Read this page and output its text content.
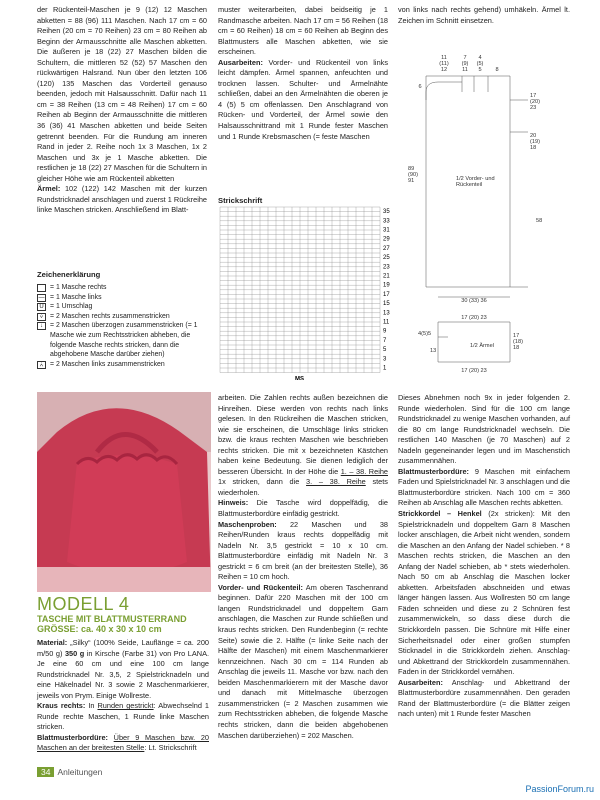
der Rückenteil-Maschen je 9 (12) 12 Maschen abketten = 88 (96) 111 Maschen. Nach 17 cm = 60 Reihen (20 cm = 70 Reihen) 23 cm = 80 Reihen ab Beginn der Armausschnitte alle Maschen abketten. Die äußeren je 18 (22) 27 Maschen bilden die Schultern, die mittleren 52 (52) 57 Maschen den rückwärtigen Halsrand. Nun über den letzten 106 (120) 135 Maschen das Vorderteil genauso beenden, jedoch mit Halsausschnitt. Dafür nach 11 cm = 38 Reihen (13 cm = 48 Reihen) 17 cm = 60 Reihen ab Beginn der Armausschnitte die mittleren 36 (36) 41 Maschen abketten und beide Seiten getrennt beenden. Für die Rundung am inneren Rand in jeder 2. Reihe noch 1x 3 Maschen, 1x 2 Maschen und 3x je 1 Masche abketten. Die restlichen je 18 (22) 27 Maschen für die Schultern in gleicher Höhe wie am Rückenteil abketten
Ärmel: 102 (122) 142 Maschen mit der kurzen Rundstricknadel anschlagen und zuerst 1 Rückreihe linke Maschen stricken. Anschließend im Blatt-
muster weiterarbeiten, dabei beidseitig je 1 Randmasche arbeiten. Nach 17 cm = 56 Reihen (18 cm = 60 Reihen) 18 cm = 60 Reihen ab Beginn des Blattmusters alle Maschen abketten, wie sie erscheinen.
Ausarbeiten: Vorder- und Rückenteil von links leicht dämpfen. Ärmel spannen, anfeuchten und trocknen lassen. Schulter- und Ärmelnähte schließen, dabei an den Ärmelnähten die oberen je 4 (5) 5 cm offenlassen. Den Anschlagrand von Rücken- und Vorderteil, der Ärmel sowie den Halsausschnittrand mit 1 Runde fester Maschen und 1 Runde Krebsmaschen (= feste Maschen
von links nach rechts gehend) umhäkeln. Ärmel lt. Zeichen im Schnitt einsetzen.
11
(11)
12
7
(9)
11
4
(5)
5 8
6
17
(20)
23
20
(19)
18
89
(90)
91	1/2 Vorder- und
Rückenteil
58
30 (33) 36
17 (20) 23
4(5)5
13
1/2 Ärmel
17
(18)
18
17 (20) 23
Strickschrift
35
33
31
29
27
25
23
21
19
17
15
13
11
9
7
5
3
1
MS
Zeichenerklärung
= 1 Masche rechts
— = 1 Masche links
U = 1 Umschlag
⩒ = 2 Maschen rechts zusammenstricken
↓	= 2 Maschen überzogen zusammenstricken (= 1 Masche wie zum Rechtsstricken abheben, die folgende Masche rechts stricken, dann die abgehobene Masche darüber ziehen)
⩑ = 2 Maschen links zusammenstricken
MODELL 4
TASCHE MIT BLATTMUSTERRAND
GRÖSSE: ca. 40 x 30 x 10 cm
Material: „Silky“ (100% Seide, Lauflänge = ca. 200 m/50 g) 350 g in Kirsche (Farbe 31) von Pro LANA. Je eine 60 cm und eine 100 cm lange Rundstricknadel Nr. 3,5, 2 Spielstricknadeln und eine Häkelnadel Nr. 3 sowie 2 Maschenmarkierer, jeweils von Prym. Einige Wollreste.
Kraus rechts: In Runden gestrickt: Abwechselnd 1 Runde rechte Maschen, 1 Runde linke Maschen stricken.
Blattmusterbordüre: Über 9 Maschen bzw. 20 Maschen an der breitesten Stelle: Lt. Strickschrift
arbeiten. Die Zahlen rechts außen bezeichnen die Hinreihen. Diese werden von rechts nach links gelesen. In den Rückreihen die Maschen stricken, wie sie erscheinen, die Umschläge links stricken bzw. die kraus rechten Maschen wie beschrieben rechts stricken. Die mit x bezeichneten Kästchen haben keine Bedeutung. Sie dienen lediglich der besseren Übersicht. In der Höhe die 1. – 38. Reihe 1x stricken, dann die 3. – 38. Reihe stets wiederholen.
Hinweis: Die Tasche wird doppelfädig, die Blattmusterbordüre einfädig gestrickt.
Maschenproben: 22 Maschen und 38 Reihen/Runden kraus rechts doppelfädig mit Nadeln Nr. 3,5 gestrickt = 10 x 10 cm. Blattmusterbordüre einfädig mit Nadeln Nr. 3 gestrickt = 6 cm breit (an der breitesten Stelle), 36 Reihen = 10 cm hoch.
Vorder- und Rückenteil: Am oberen Taschenrand beginnen. Dafür 220 Maschen mit der 100 cm langen Rundstricknadel und doppeltem Garn anschlagen, die Maschen zur Runde schließen und kraus rechts stricken. Den Rundenbeginn (= rechte Seite) sowie die 2. Hälfte (= linke Seite nach der Hälfte der Maschen) mit einem Maschenmarkierer kennzeichnen. Nach 30 cm = 114 Runden ab Anschlag die jeweils 11. Masche vor bzw. nach den beiden Maschenmarkierern mit der Masche davor und danach mit Mittelmasche überzogen zusammenstricken (= 2 Maschen zusammen wie zum Rechtsstricken abheben, die folgende Masche rechts stricken, dann die beiden abgehobenen Maschen darüberziehen) = 202 Maschen.
Dieses Abnehmen noch 9x in jeder folgenden 2. Runde wiederholen. Sind für die 100 cm lange Rundstricknadel zu wenige Maschen vorhanden, auf die 80 cm lange Rundstricknadel wechseln. Die restlichen 140 Maschen (je 70 Maschen) auf 2 Nadeln gegeneinander legen und im Maschenstich zusammennähen.
Blattmusterbordüre: 9 Maschen mit einfachem Faden und Spielstricknadel Nr. 3 anschlagen und die Blattmusterbordüre stricken. Nach 100 cm = 360 Reihen ab Anschlag alle Maschen rechts abketten.
Strickkordel – Henkel (2x stricken): Mit den Spielstricknadeln und doppeltem Garn 8 Maschen locker anschlagen, die Arbeit nicht wenden, sondern die Maschen an den Anfang der Nadel schieben. * 8 Maschen rechts stricken, die Maschen an den Anfang der Nadel schieben, ab * stets wiederholen. Nach 50 cm ab Anschlag die Maschen locker abketten. Arbeitsfaden abschneiden und etwas länger hängen lassen. Aus Wollresten 50 cm lange Fäden schneiden und diese zu 2 Schnüren fest zusammenwickeln, so dass diese durch die Strickkordeln passen. Die Schnüre mit Hilfe einer Sicherheitsnadel oder einer großen stumpfen Sticknadel in die Strickkordeln ziehen. Anschlag- und Abkettrand der Strickkordeln zusammennähen. Faden in der Strickkordel vernähen.
Ausarbeiten: Anschlag- und Abkettrand der Blattmusterbordüre zusammennähen. Den geraden Rand der Blattmusterbordüre (= die Blätter zeigen nach unten) mit 1 Runde fester Maschen
34 Anleitungen
PassionForum.ru
